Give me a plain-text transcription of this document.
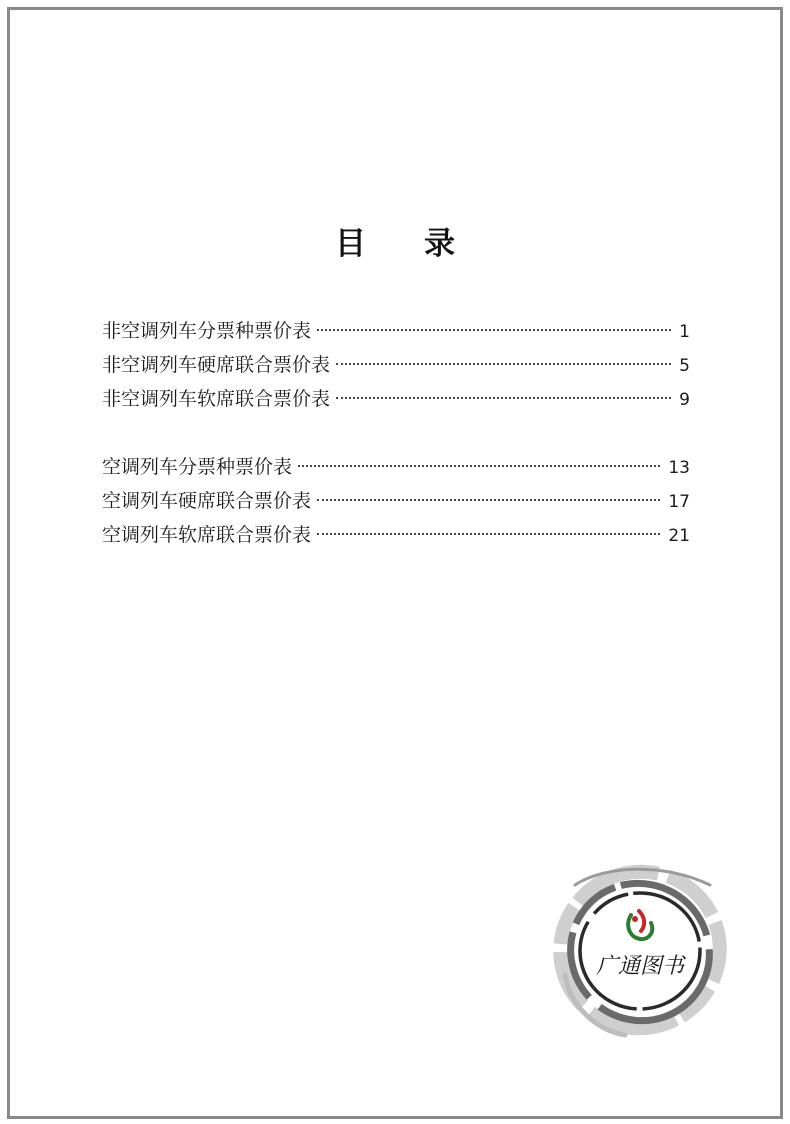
目 录
非空调列车分票种票价表	1
非空调列车硬席联合票价表	5
非空调列车软席联合票价表	9
空调列车分票种票价表	13
空调列车硬席联合票价表	17
空调列车软席联合票价表	21
广通图书
